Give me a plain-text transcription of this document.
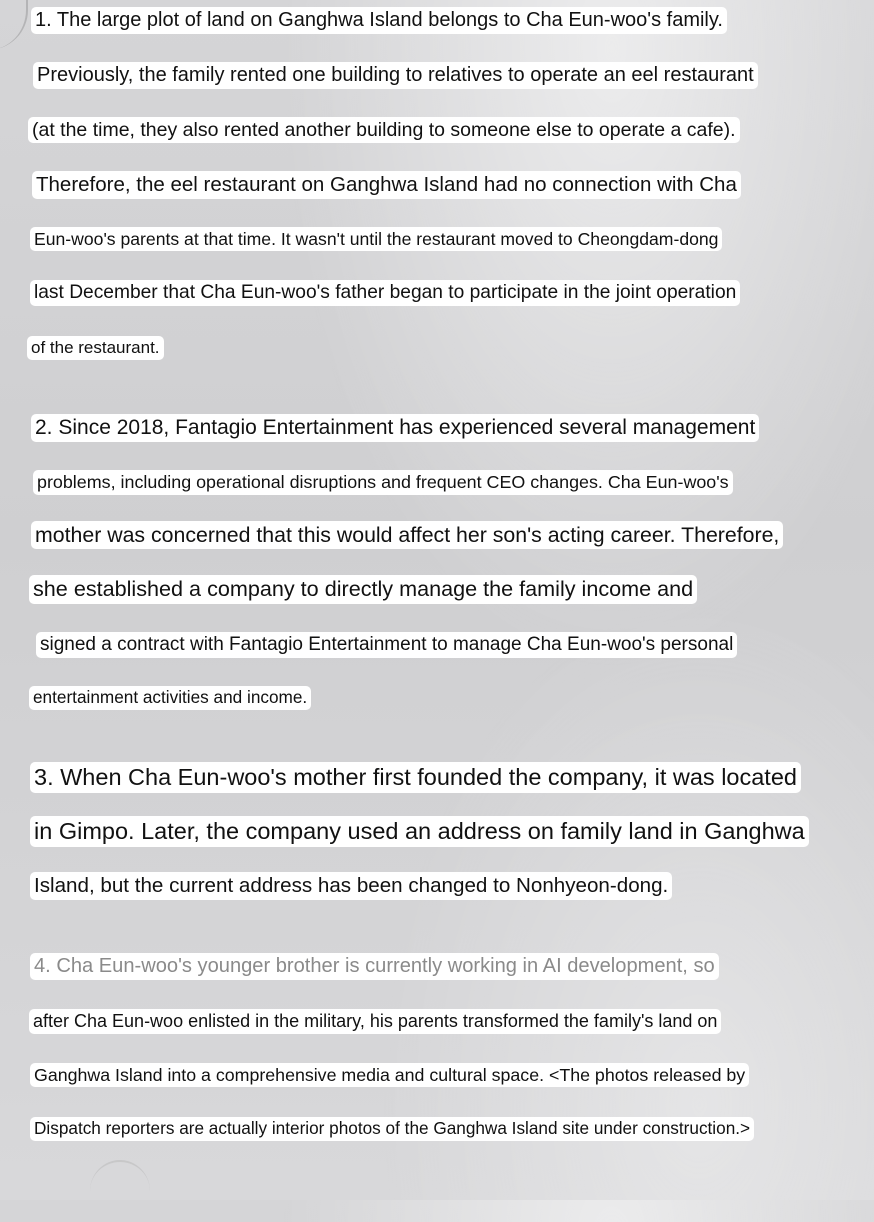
1. The large plot of land on Ganghwa Island belongs to Cha Eun-woo's family.
Previously, the family rented one building to relatives to operate an eel restaurant
(at the time, they also rented another building to someone else to operate a cafe).
Therefore, the eel restaurant on Ganghwa Island had no connection with Cha
Eun-woo's parents at that time. It wasn't until the restaurant moved to Cheongdam-dong
last December that Cha Eun-woo's father began to participate in the joint operation
of the restaurant.
2. Since 2018, Fantagio Entertainment has experienced several management
problems, including operational disruptions and frequent CEO changes. Cha Eun-woo's
mother was concerned that this would affect her son's acting career. Therefore,
she established a company to directly manage the family income and
signed a contract with Fantagio Entertainment to manage Cha Eun-woo's personal
entertainment activities and income.
3. When Cha Eun-woo's mother first founded the company, it was located
in Gimpo. Later, the company used an address on family land in Ganghwa
Island, but the current address has been changed to Nonhyeon-dong.
4. Cha Eun-woo's younger brother is currently working in AI development, so
after Cha Eun-woo enlisted in the military, his parents transformed the family's land on
Ganghwa Island into a comprehensive media and cultural space. <The photos released by
Dispatch reporters are actually interior photos of the Ganghwa Island site under construction.>
